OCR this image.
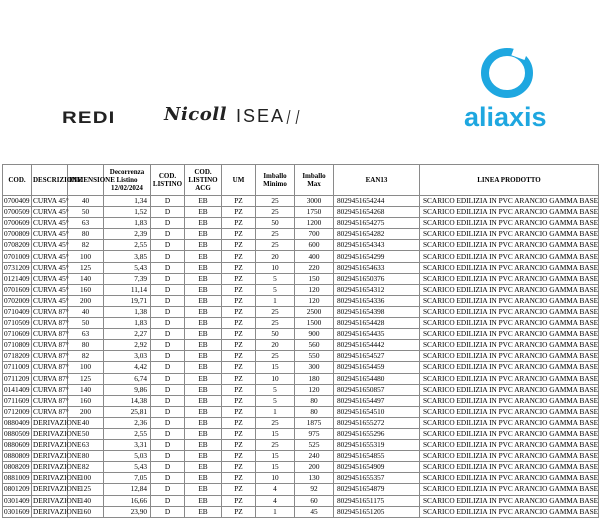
REDI	Nicoll ISEA	aliaxis
COD.	DESCRIZIONE	DIMENSIONE	Decorrenza Listino 12/02/2024	COD. LISTINO	COD. LISTINO ACG	UM	Imballo Minimo	Imballo Max	EAN13	LINEA PRODOTTO
0700409	CURVA 45°	40	1,34	D	EB	PZ	25	3000	8029451654244	SCARICO EDILIZIA IN PVC ARANCIO GAMMA BASE
0700509	CURVA 45°	50	1,52	D	EB	PZ	25	1750	8029451654268	SCARICO EDILIZIA IN PVC ARANCIO GAMMA BASE
0700609	CURVA 45°	63	1,83	D	EB	PZ	50	1200	8029451654275	SCARICO EDILIZIA IN PVC ARANCIO GAMMA BASE
0700809	CURVA 45°	80	2,39	D	EB	PZ	25	700	8029451654282	SCARICO EDILIZIA IN PVC ARANCIO GAMMA BASE
0708209	CURVA 45°	82	2,55	D	EB	PZ	25	600	8029451654343	SCARICO EDILIZIA IN PVC ARANCIO GAMMA BASE
0701009	CURVA 45°	100	3,85	D	EB	PZ	20	400	8029451654299	SCARICO EDILIZIA IN PVC ARANCIO GAMMA BASE
0731209	CURVA 45°	125	5,43	D	EB	PZ	10	220	8029451654633	SCARICO EDILIZIA IN PVC ARANCIO GAMMA BASE
0121409	CURVA 45°	140	7,39	D	EB	PZ	5	150	8029451650376	SCARICO EDILIZIA IN PVC ARANCIO GAMMA BASE
0701609	CURVA 45°	160	11,14	D	EB	PZ	5	120	8029451654312	SCARICO EDILIZIA IN PVC ARANCIO GAMMA BASE
0702009	CURVA 45°	200	19,71	D	EB	PZ	1	120	8029451654336	SCARICO EDILIZIA IN PVC ARANCIO GAMMA BASE
0710409	CURVA 87°	40	1,38	D	EB	PZ	25	2500	8029451654398	SCARICO EDILIZIA IN PVC ARANCIO GAMMA BASE
0710509	CURVA 87°	50	1,83	D	EB	PZ	25	1500	8029451654428	SCARICO EDILIZIA IN PVC ARANCIO GAMMA BASE
0710609	CURVA 87°	63	2,27	D	EB	PZ	50	900	8029451654435	SCARICO EDILIZIA IN PVC ARANCIO GAMMA BASE
0710809	CURVA 87°	80	2,92	D	EB	PZ	20	560	8029451654442	SCARICO EDILIZIA IN PVC ARANCIO GAMMA BASE
0718209	CURVA 87°	82	3,03	D	EB	PZ	25	550	8029451654527	SCARICO EDILIZIA IN PVC ARANCIO GAMMA BASE
0711009	CURVA 87°	100	4,42	D	EB	PZ	15	300	8029451654459	SCARICO EDILIZIA IN PVC ARANCIO GAMMA BASE
0711209	CURVA 87°	125	6,74	D	EB	PZ	10	180	8029451654480	SCARICO EDILIZIA IN PVC ARANCIO GAMMA BASE
0141409	CURVA 87°	140	9,86	D	EB	PZ	5	120	8029451650857	SCARICO EDILIZIA IN PVC ARANCIO GAMMA BASE
0711609	CURVA 87°	160	14,38	D	EB	PZ	5	80	8029451654497	SCARICO EDILIZIA IN PVC ARANCIO GAMMA BASE
0712009	CURVA 87°	200	25,81	D	EB	PZ	1	80	8029451654510	SCARICO EDILIZIA IN PVC ARANCIO GAMMA BASE
0880409	DERIVAZIONE	40	2,36	D	EB	PZ	25	1875	8029451655272	SCARICO EDILIZIA IN PVC ARANCIO GAMMA BASE
0880509	DERIVAZIONE	50	2,55	D	EB	PZ	15	975	8029451655296	SCARICO EDILIZIA IN PVC ARANCIO GAMMA BASE
0880609	DERIVAZIONE	63	3,31	D	EB	PZ	25	525	8029451655319	SCARICO EDILIZIA IN PVC ARANCIO GAMMA BASE
0880809	DERIVAZIONE	80	5,03	D	EB	PZ	15	240	8029451654855	SCARICO EDILIZIA IN PVC ARANCIO GAMMA BASE
0808209	DERIVAZIONE	82	5,43	D	EB	PZ	15	200	8029451654909	SCARICO EDILIZIA IN PVC ARANCIO GAMMA BASE
0881009	DERIVAZIONE	100	7,05	D	EB	PZ	10	130	8029451655357	SCARICO EDILIZIA IN PVC ARANCIO GAMMA BASE
0801209	DERIVAZIONE	125	12,84	D	EB	PZ	4	92	8029451654879	SCARICO EDILIZIA IN PVC ARANCIO GAMMA BASE
0301409	DERIVAZIONE	140	16,66	D	EB	PZ	4	60	8029451651175	SCARICO EDILIZIA IN PVC ARANCIO GAMMA BASE
0301609	DERIVAZIONE	160	23,90	D	EB	PZ	1	45	8029451651205	SCARICO EDILIZIA IN PVC ARANCIO GAMMA BASE
